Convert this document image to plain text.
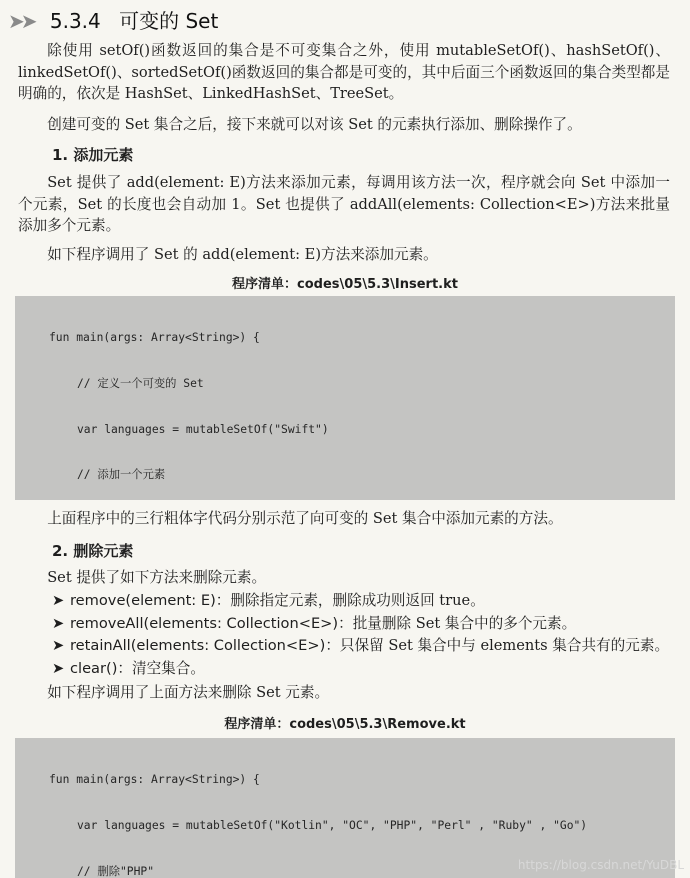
➤➤ 5.3.4 可变的 Set
除使用 setOf()函数返回的集合是不可变集合之外，使用 mutableSetOf()、hashSetOf()、linkedSetOf()、sortedSetOf()函数返回的集合都是可变的，其中后面三个函数返回的集合类型都是明确的，依次是 HashSet、LinkedHashSet、TreeSet。
创建可变的 Set 集合之后，接下来就可以对该 Set 的元素执行添加、删除操作了。
1. 添加元素
Set 提供了 add(element: E)方法来添加元素，每调用该方法一次，程序就会向 Set 中添加一个元素，Set 的长度也会自动加 1。Set 也提供了 addAll(elements: Collection<E>)方法来批量添加多个元素。
如下程序调用了 Set 的 add(element: E)方法来添加元素。
程序清单：codes\05\5.3\Insert.kt

fun main(args: Array<String>) {

// 定义一个可变的 Set

var languages = mutableSetOf("Swift")

// 添加一个元素

上面程序中的三行粗体字代码分别示范了向可变的 Set 集合中添加元素的方法。
2. 删除元素
Set 提供了如下方法来删除元素。
➤ remove(element: E)：删除指定元素，删除成功则返回 true。
➤ removeAll(elements: Collection<E>)：批量删除 Set 集合中的多个元素。
➤ retainAll(elements: Collection<E>)：只保留 Set 集合中与 elements 集合共有的元素。
➤ clear()：清空集合。
如下程序调用了上面方法来删除 Set 元素。
程序清单：codes\05\5.3\Remove.kt

fun main(args: Array<String>) {

var languages = mutableSetOf("Kotlin", "OC", "PHP", "Perl" , "Ruby" , "Go")

// 删除"PHP"

	https://blog.csdn.net/YuDBL
